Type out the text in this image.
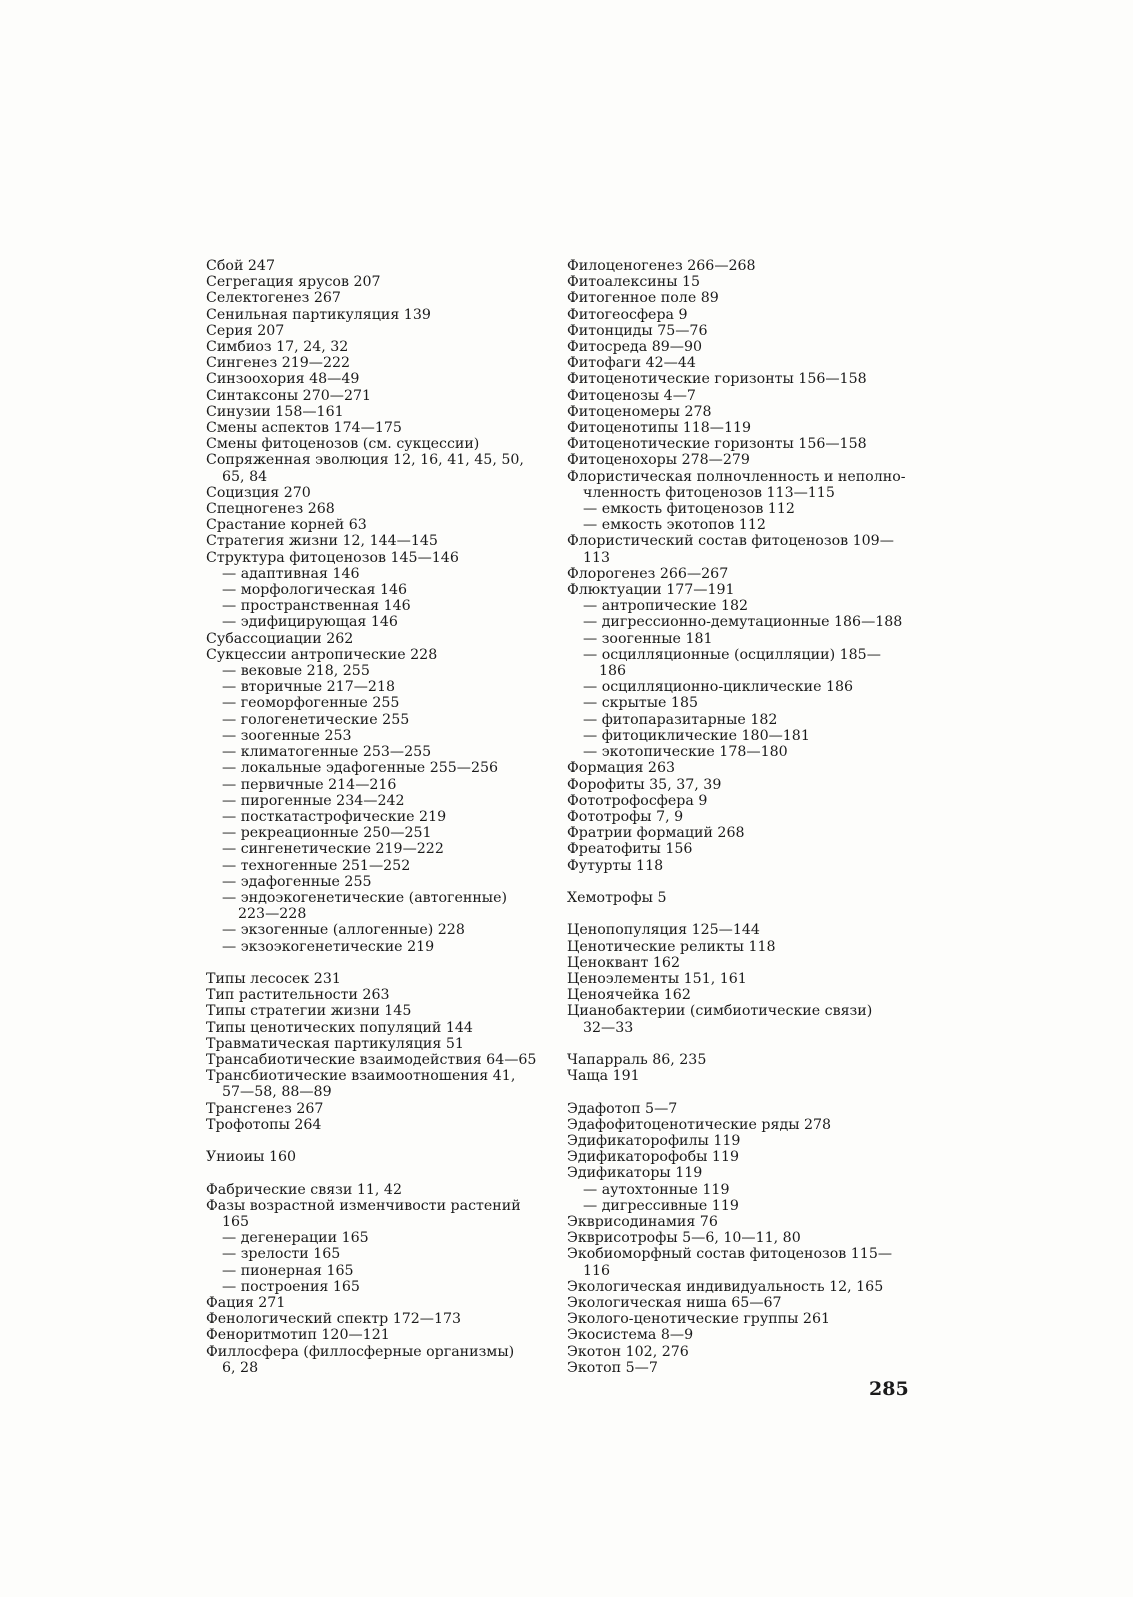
Сбой 247
Сегрегация ярусов 207
Селектогенез 267
Сенильная партикуляция 139
Серия 207
Симбиоз 17, 24, 32
Сингенез 219—222
Синзоохория 48—49
Синтаксоны 270—271
Синузии 158—161
Смены аспектов 174—175
Смены фитоценозов (см. сукцессии)
Сопряженная эволюция 12, 16, 41, 45, 50,
65, 84
Социзция 270
Спецногенез 268
Срастание корней 63
Стратегия жизни 12, 144—145
Структура фитоценозов 145—146
— адаптивная 146
— морфологическая 146
— пространственная 146
— эдифицирующая 146
Субассоциации 262
Сукцессии антропические 228
— вековые 218, 255
— вторичные 217—218
— геоморфогенные 255
— гологенетические 255
— зоогенные 253
— климатогенные 253—255
— локальные эдафогенные 255—256
— первичные 214—216
— пирогенные 234—242
— посткатастрофические 219
— рекреационные 250—251
— сингенетические 219—222
— техногенные 251—252
— эдафогенные 255
— эндоэкогенетические (автогенные)
223—228
— экзогенные (аллогенные) 228
— экзоэкогенетические 219
Типы лесосек 231
Тип растительности 263
Типы стратегии жизни 145
Типы ценотических популяций 144
Травматическая партикуляция 51
Трансабиотические взаимодействия 64—65
Трансбиотические взаимоотношения 41,
57—58, 88—89
Трансгенез 267
Трофотопы 264
Униоиы 160
Фабрические связи 11, 42
Фазы возрастной изменчивости растений
165
— дегенерации 165
— зрелости 165
— пионерная 165
— построения 165
Фация 271
Фенологический спектр 172—173
Феноритмотип 120—121
Филлосфера (филлосферные организмы)
6, 28
Филоценогенез 266—268
Фитоалексины 15
Фитогенное поле 89
Фитогеосфера 9
Фитонциды 75—76
Фитосреда 89—90
Фитофаги 42—44
Фитоценотические горизонты 156—158
Фитоценозы 4—7
Фитоценомеры 278
Фитоценотипы 118—119
Фитоценотические горизонты 156—158
Фитоценохоры 278—279
Флористическая полночленность и неполно-
членность фитоценозов 113—115
— емкость фитоценозов 112
— емкость экотопов 112
Флористический состав фитоценозов 109—
113
Флорогенез 266—267
Флюктуации 177—191
— антропические 182
— дигрессионно-демутационные 186—188
— зоогенные 181
— осцилляционные (осцилляции) 185—
186
— осцилляционно-циклические 186
— скрытые 185
— фитопаразитарные 182
— фитоциклические 180—181
— экотопические 178—180
Формация 263
Форофиты 35, 37, 39
Фототрофосфера 9
Фототрофы 7, 9
Фратрии формаций 268
Фреатофиты 156
Футурты 118
Хемотрофы 5
Ценопопуляция 125—144
Ценотические реликты 118
Ценоквант 162
Ценоэлементы 151, 161
Ценоячейка 162
Цианобактерии (симбиотические связи)
32—33
Чапарраль 86, 235
Чаща 191
Эдафотоп 5—7
Эдафофитоценотические ряды 278
Эдификаторофилы 119
Эдификаторофобы 119
Эдификаторы 119
— аутохтонные 119
— дигрессивные 119
Экврисодинамия 76
Экврисотрофы 5—6, 10—11, 80
Экобиоморфный состав фитоценозов 115—
116
Экологическая индивидуальность 12, 165
Экологическая ниша 65—67
Эколого-ценотические группы 261
Экосистема 8—9
Экотон 102, 276
Экотоп 5—7
285
